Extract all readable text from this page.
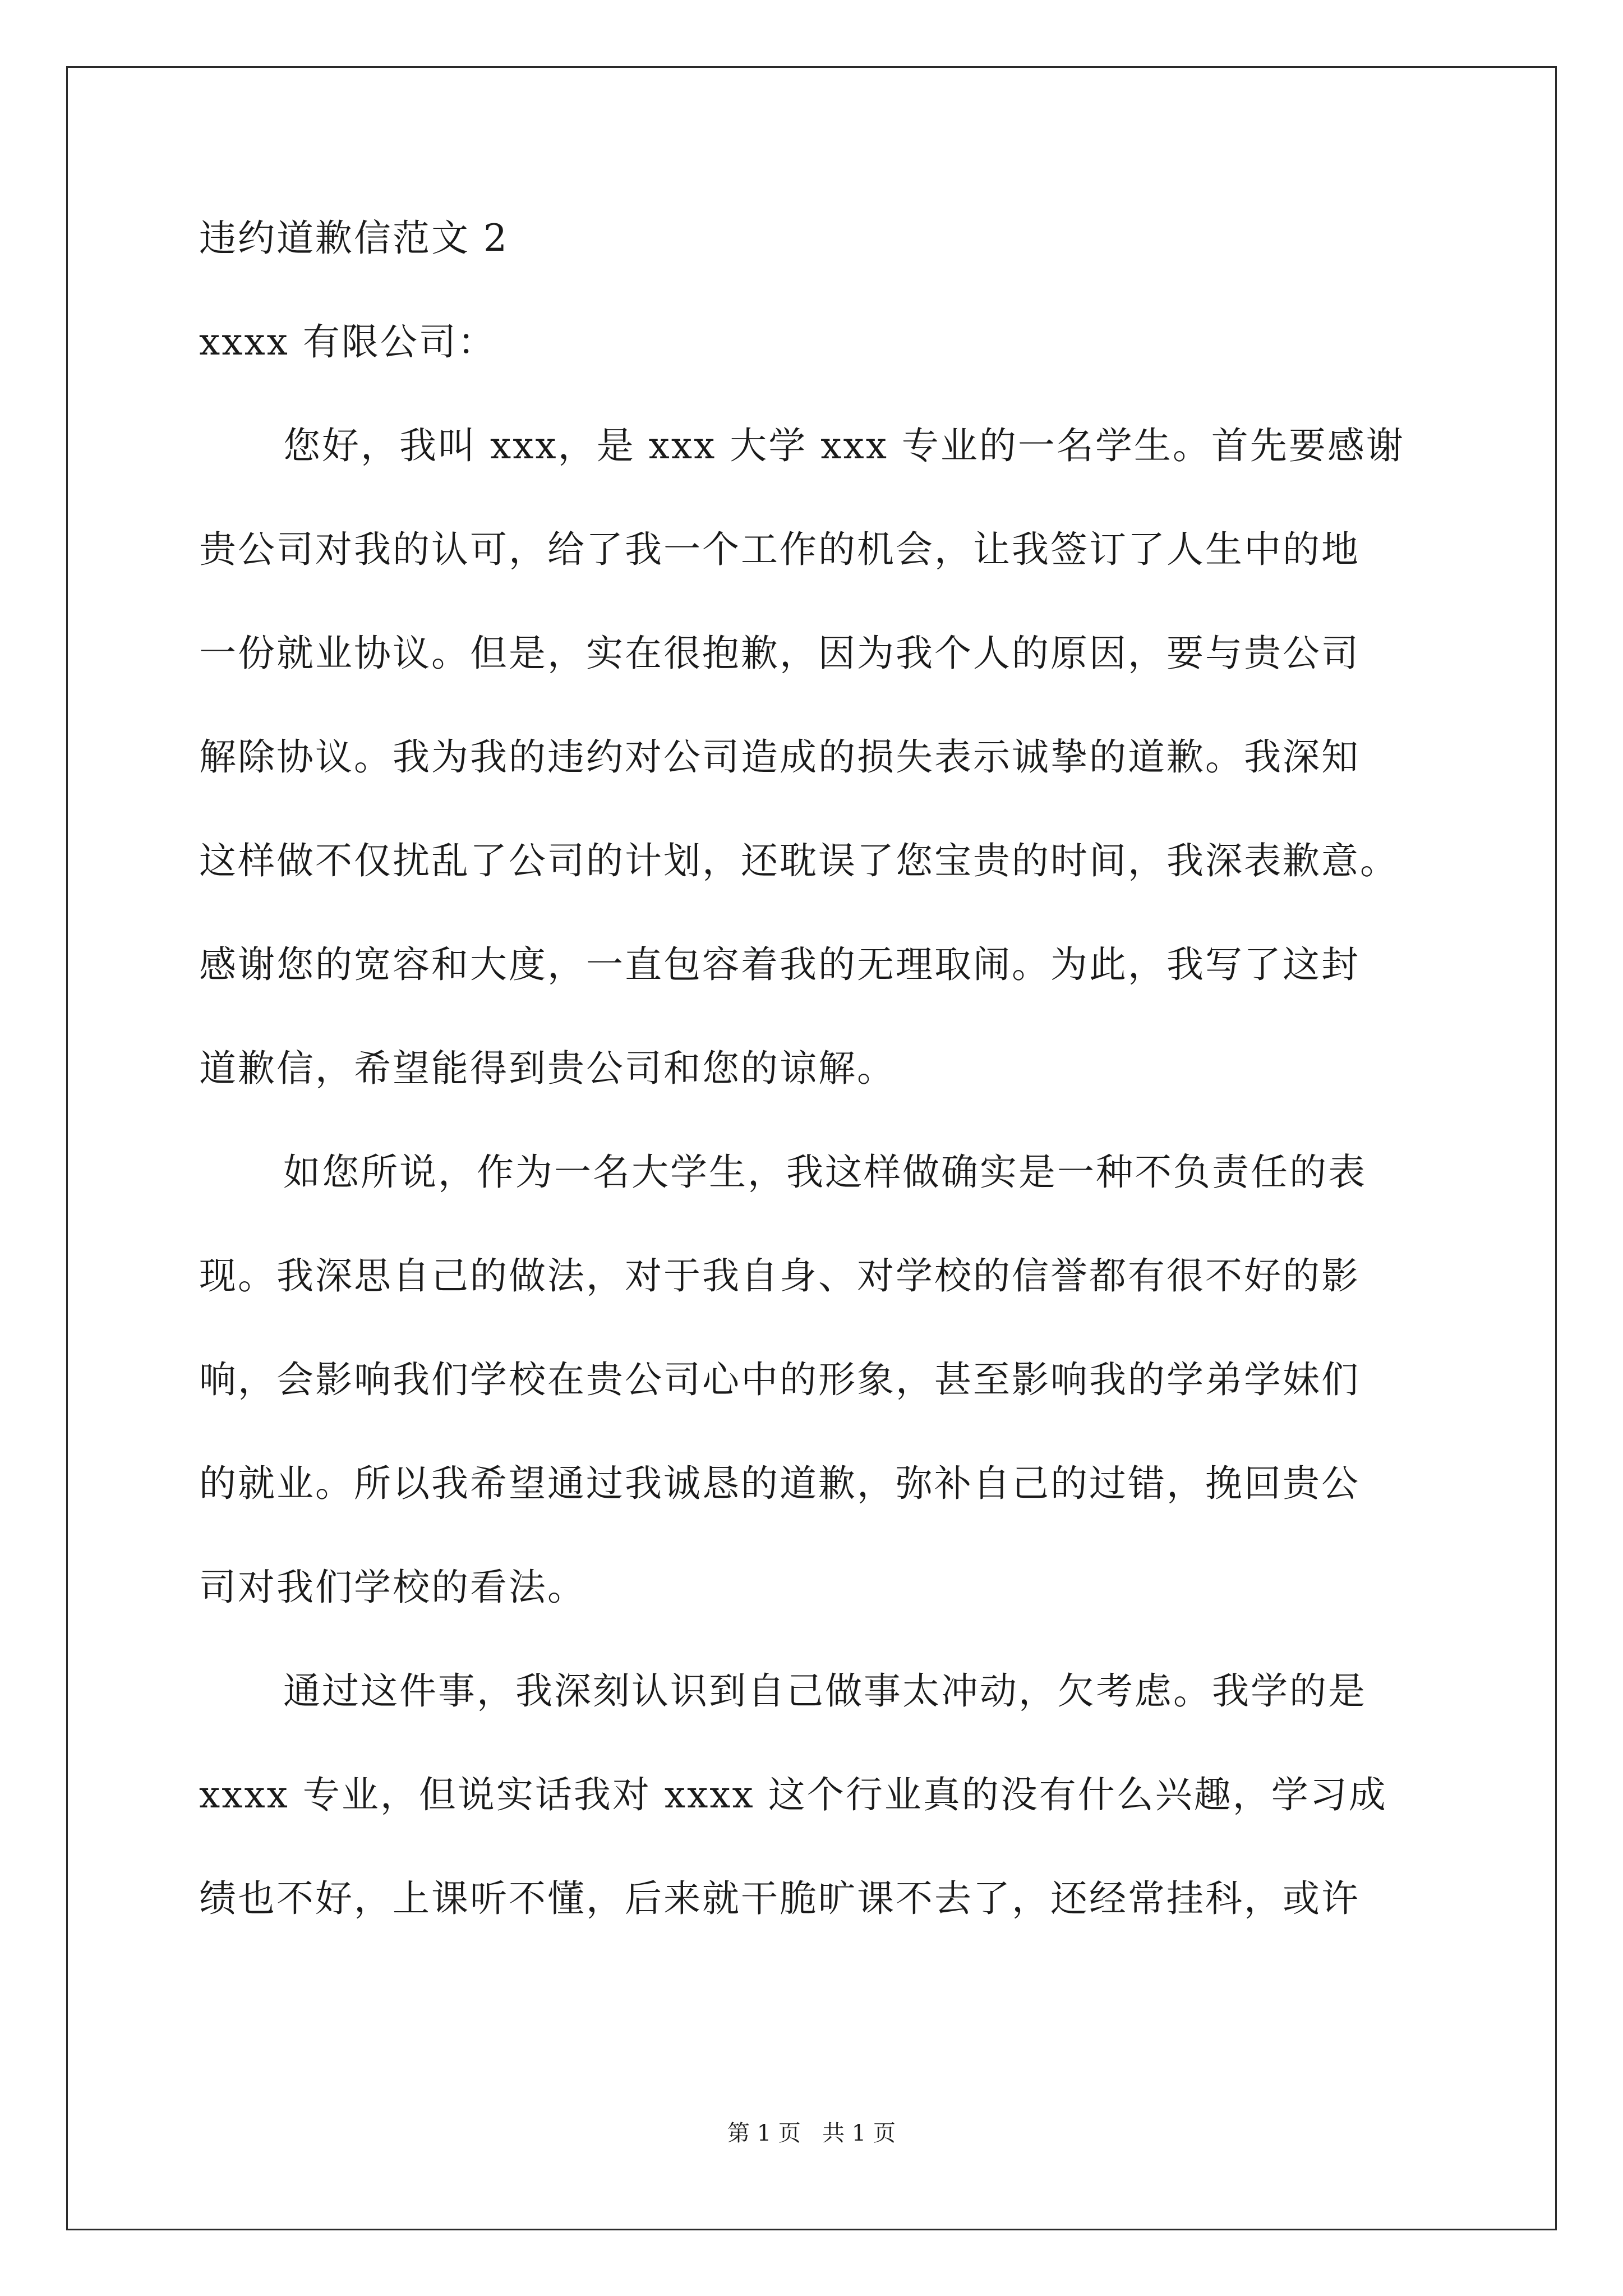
违约道歉信范文 2
xxxx 有限公司：
您好，我叫 xxx，是 xxx 大学 xxx 专业的一名学生。首先要感谢
贵公司对我的认可，给了我一个工作的机会，让我签订了人生中的地
一份就业协议。但是，实在很抱歉，因为我个人的原因，要与贵公司
解除协议。我为我的违约对公司造成的损失表示诚挚的道歉。我深知
这样做不仅扰乱了公司的计划，还耽误了您宝贵的时间，我深表歉意。
感谢您的宽容和大度，一直包容着我的无理取闹。为此，我写了这封
道歉信，希望能得到贵公司和您的谅解。
如您所说，作为一名大学生，我这样做确实是一种不负责任的表
现。我深思自己的做法，对于我自身、对学校的信誉都有很不好的影
响，会影响我们学校在贵公司心中的形象，甚至影响我的学弟学妹们
的就业。所以我希望通过我诚恳的道歉，弥补自己的过错，挽回贵公
司对我们学校的看法。
通过这件事，我深刻认识到自己做事太冲动，欠考虑。我学的是
xxxx 专业，但说实话我对 xxxx 这个行业真的没有什么兴趣，学习成
绩也不好，上课听不懂，后来就干脆旷课不去了，还经常挂科，或许
第 1 页   共 1 页
